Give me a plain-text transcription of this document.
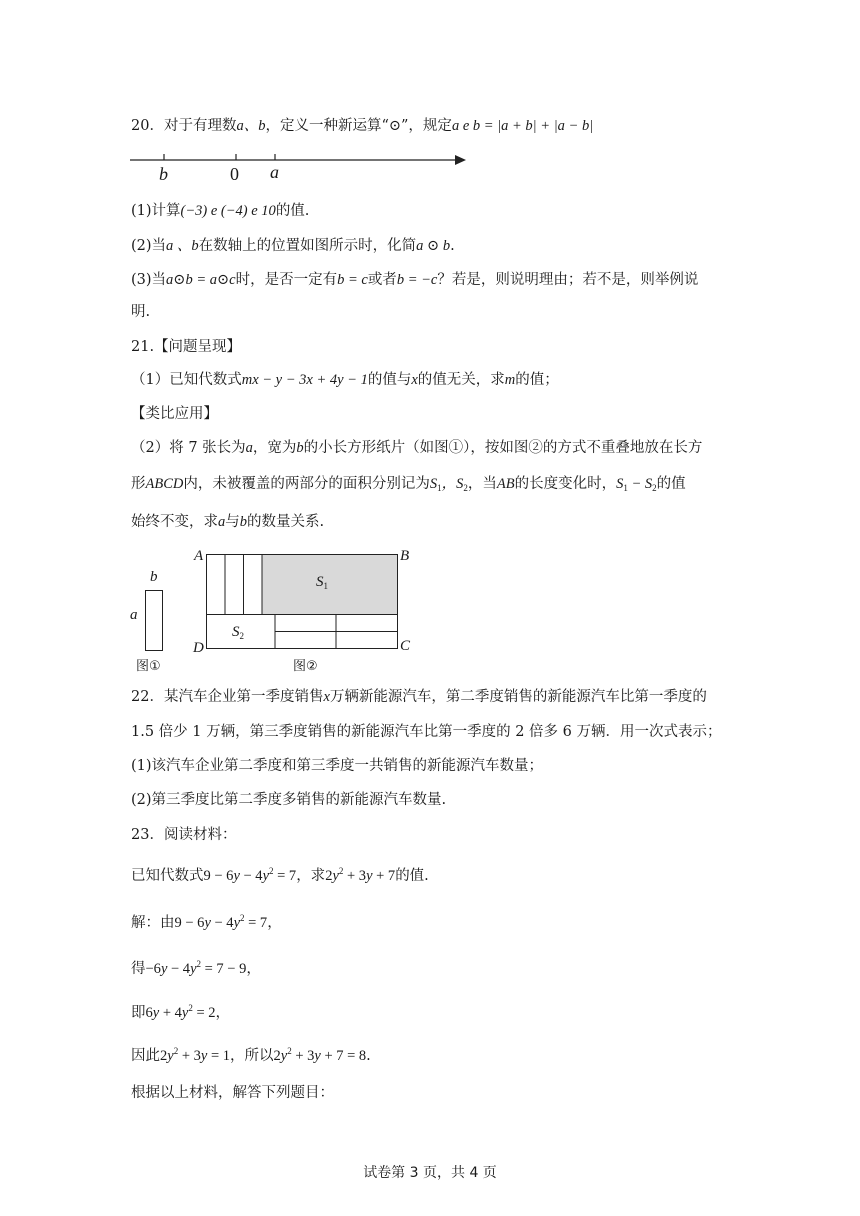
20．对于有理数a、b，定义一种新运算“⊙”，规定a e b = |a + b| + |a − b|
b	0 a
(1)计算(−3) e (−4) e 10的值.
(2)当a 、b在数轴上的位置如图所示时，化简a ⊙ b.
(3)当a⊙b = a⊙c时，是否一定有b = c或者b = −c？若是，则说明理由；若不是，则举例说
明.
21.【问题呈现】
（1）已知代数式mx − y − 3x + 4y − 1的值与x的值无关，求m的值；
【类比应用】
（2）将 7 张长为a，宽为b的小长方形纸片（如图①），按如图②的方式不重叠地放在长方
形ABCD内，未被覆盖的两部分的面积分别记为$S_1$，$S_2$，当AB的长度变化时，$S_1 - S_2$的值
始终不变，求a与b的数量关系.
b
a
图①
A	B
C
D
$S_1$
$S_2$
图②
22．某汽车企业第一季度销售x万辆新能源汽车，第二季度销售的新能源汽车比第一季度的
1.5 倍少 1 万辆，第三季度销售的新能源汽车比第一季度的 2 倍多 6 万辆．用一次式表示；
(1)该汽车企业第二季度和第三季度一共销售的新能源汽车数量；
(2)第三季度比第二季度多销售的新能源汽车数量.
23．阅读材料：
已知代数式$9 - 6y - 4y^2 = 7$，求$2y^2 + 3y + 7$的值.
解：由$9 - 6y - 4y^2 = 7$，
得$-6y - 4y^2 = 7 - 9$，
即$6y + 4y^2 = 2$，
因此$2y^2 + 3y = 1$，所以$2y^2 + 3y + 7 = 8$.
根据以上材料，解答下列题目：
试卷第 3 页，共 4 页
